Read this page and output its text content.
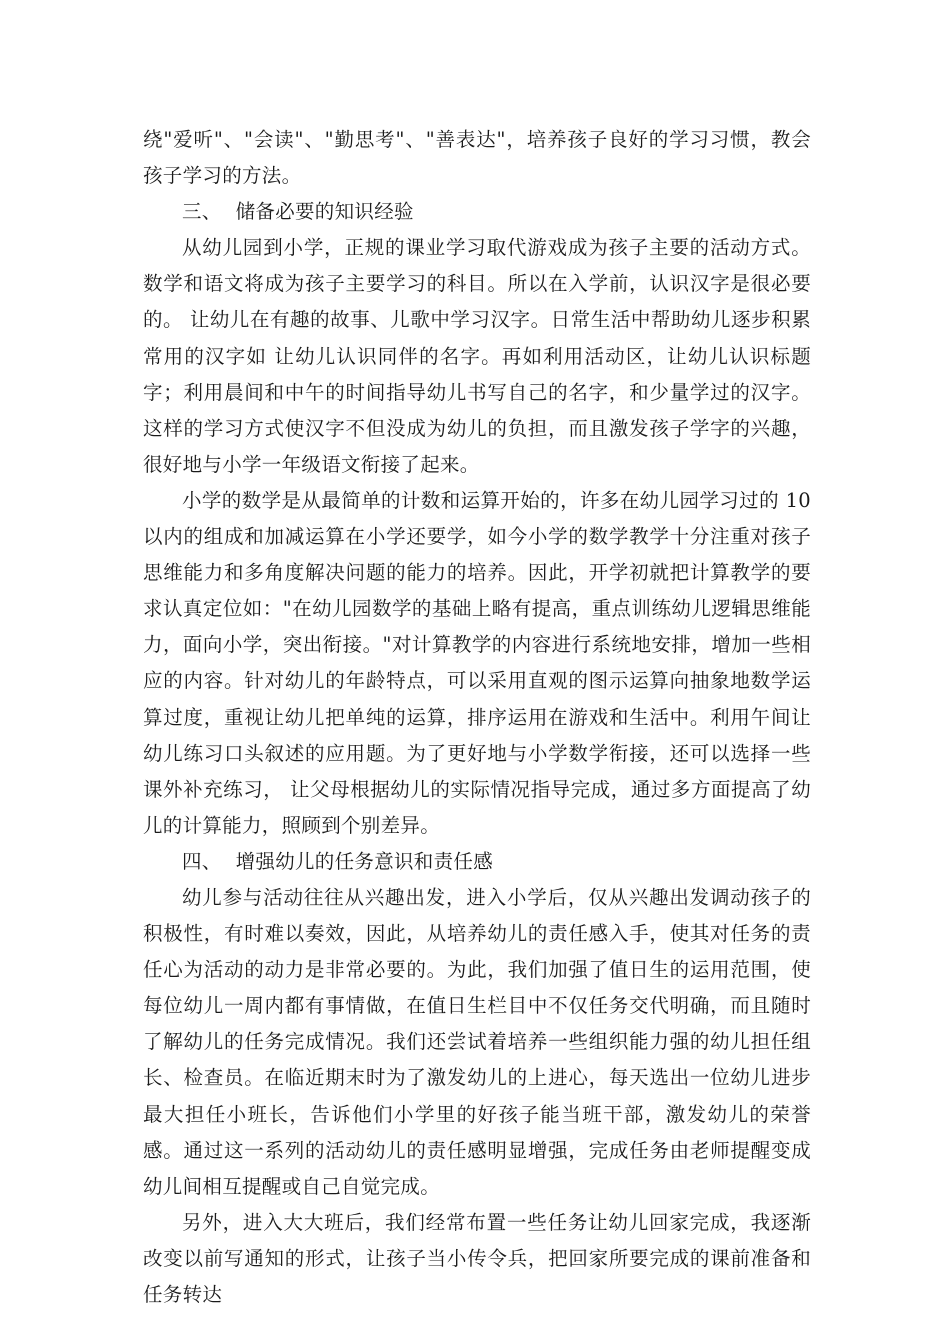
绕"爱听"、"会读"、"勤思考"、"善表达"，培养孩子良好的学习习惯，教会孩子学习的方法。

三、 储备必要的知识经验

从幼儿园到小学，正规的课业学习取代游戏成为孩子主要的活动方式。数学和语文将成为孩子主要学习的科目。所以在入学前，认识汉字是很必要的。 让幼儿在有趣的故事、儿歌中学习汉字。日常生活中帮助幼儿逐步积累常用的汉字如 让幼儿认识同伴的名字。再如利用活动区，让幼儿认识标题字；利用晨间和中午的时间指导幼儿书写自己的名字，和少量学过的汉字。这样的学习方式使汉字不但没成为幼儿的负担，而且激发孩子学字的兴趣，很好地与小学一年级语文衔接了起来。

小学的数学是从最简单的计数和运算开始的，许多在幼儿园学习过的 10 以内的组成和加减运算在小学还要学，如今小学的数学教学十分注重对孩子思维能力和多角度解决问题的能力的培养。因此，开学初就把计算教学的要求认真定位如："在幼儿园数学的基础上略有提高，重点训练幼儿逻辑思维能力，面向小学，突出衔接。"对计算教学的内容进行系统地安排，增加一些相应的内容。针对幼儿的年龄特点，可以采用直观的图示运算向抽象地数学运算过度，重视让幼儿把单纯的运算，排序运用在游戏和生活中。利用午间让幼儿练习口头叙述的应用题。为了更好地与小学数学衔接，还可以选择一些课外补充练习， 让父母根据幼儿的实际情况指导完成，通过多方面提高了幼儿的计算能力，照顾到个别差异。

四、 增强幼儿的任务意识和责任感

幼儿参与活动往往从兴趣出发，进入小学后，仅从兴趣出发调动孩子的积极性，有时难以奏效，因此，从培养幼儿的责任感入手，使其对任务的责任心为活动的动力是非常必要的。为此，我们加强了值日生的运用范围，使每位幼儿一周内都有事情做，在值日生栏目中不仅任务交代明确，而且随时了解幼儿的任务完成情况。我们还尝试着培养一些组织能力强的幼儿担任组长、检查员。在临近期末时为了激发幼儿的上进心，每天选出一位幼儿进步最大担任小班长，告诉他们小学里的好孩子能当班干部，激发幼儿的荣誉感。通过这一系列的活动幼儿的责任感明显增强，完成任务由老师提醒变成幼儿间相互提醒或自己自觉完成。

另外，进入大大班后，我们经常布置一些任务让幼儿回家完成，我逐渐改变以前写通知的形式，让孩子当小传令兵，把回家所要完成的课前准备和任务转达
